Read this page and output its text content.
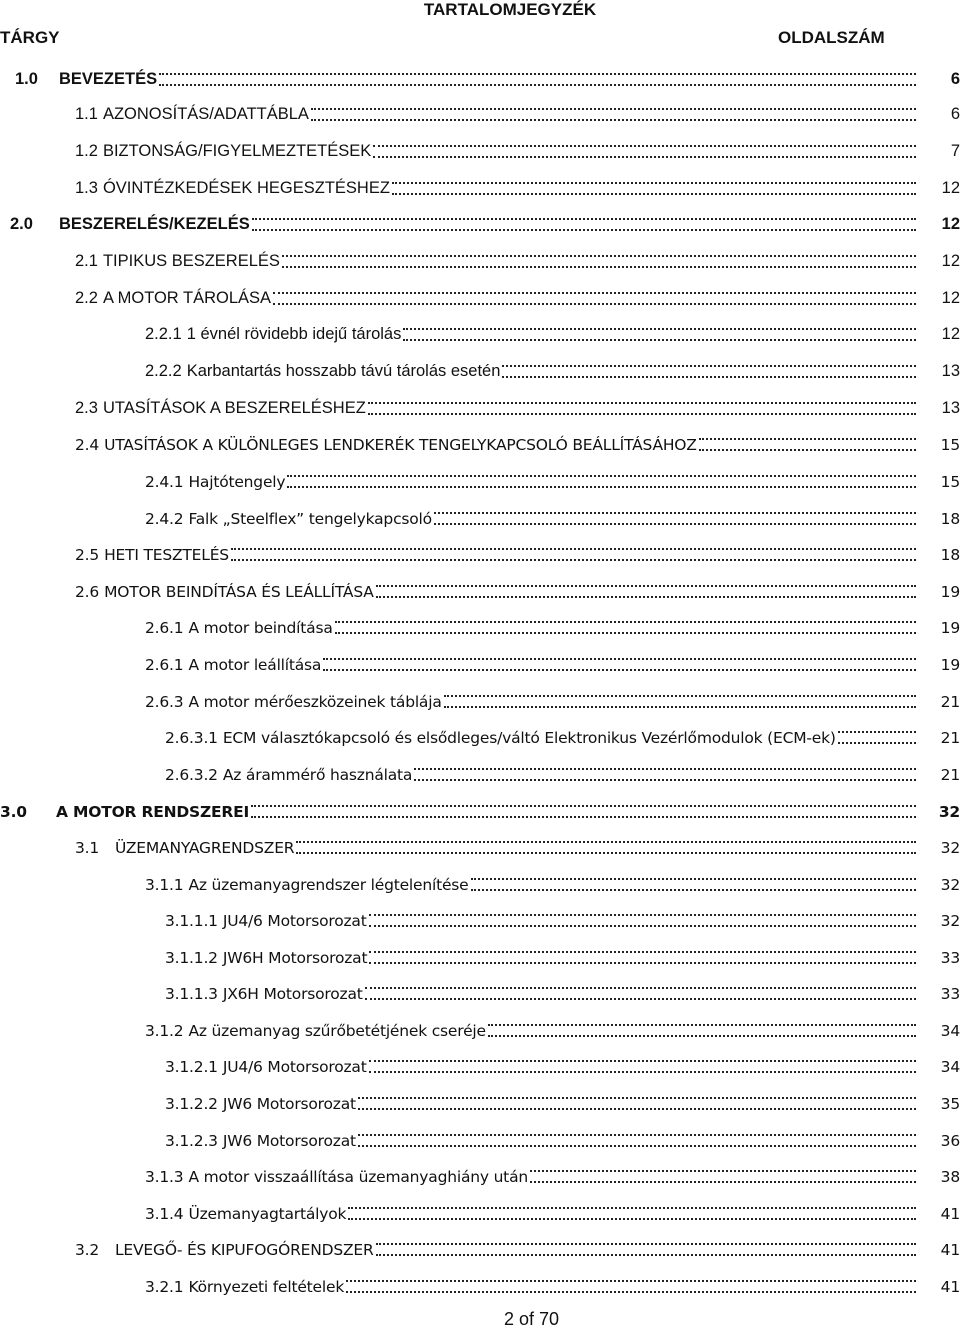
TARTALOMJEGYZÉK
TÁRGY	OLDALSZÁM
1.0	BEVEZETÉS	6
1.1 AZONOSÍTÁS/ADATTÁBLA	6
1.2 BIZTONSÁG/FIGYELMEZTETÉSEK	7
1.3 ÓVINTÉZKEDÉSEK HEGESZTÉSHEZ	12
2.0	BESZERELÉS/KEZELÉS	12
2.1 TIPIKUS BESZERELÉS	12
2.2 A MOTOR TÁROLÁSA	12
2.2.1 1 évnél rövidebb idejű tárolás	12
2.2.2 Karbantartás hosszabb távú tárolás esetén	13
2.3 UTASÍTÁSOK A BESZERELÉSHEZ	13
2.4 UTASÍTÁSOK A KÜLÖNLEGES LENDKERÉK TENGELYKAPCSOLÓ BEÁLLÍTÁSÁHOZ	15
2.4.1 Hajtótengely	15
2.4.2 Falk „Steelflex” tengelykapcsoló	18
2.5 HETI TESZTELÉS	18
2.6 MOTOR BEINDÍTÁSA ÉS LEÁLLÍTÁSA	19
2.6.1 A motor beindítása	19
2.6.1 A motor leállítása	19
2.6.3 A motor mérőeszközeinek táblája	21
2.6.3.1 ECM választókapcsoló és elsődleges/váltó Elektronikus Vezérlőmodulok (ECM-ek)	21
2.6.3.2 Az árammérő használata	21
3.0	A MOTOR RENDSZEREI	32
3.1	ÜZEMANYAGRENDSZER	32
3.1.1 Az üzemanyagrendszer légtelenítése	32
3.1.1.1 JU4/6 Motorsorozat	32
3.1.1.2 JW6H Motorsorozat	33
3.1.1.3 JX6H Motorsorozat	33
3.1.2 Az üzemanyag szűrőbetétjének cseréje	34
3.1.2.1 JU4/6 Motorsorozat	34
3.1.2.2 JW6 Motorsorozat	35
3.1.2.3 JW6 Motorsorozat	36
3.1.3 A motor visszaállítása üzemanyaghiány után	38
3.1.4 Üzemanyagtartályok	41
3.2	LEVEGŐ- ÉS KIPUFOGÓRENDSZER	41
3.2.1 Környezeti feltételek	41
2 of 70
